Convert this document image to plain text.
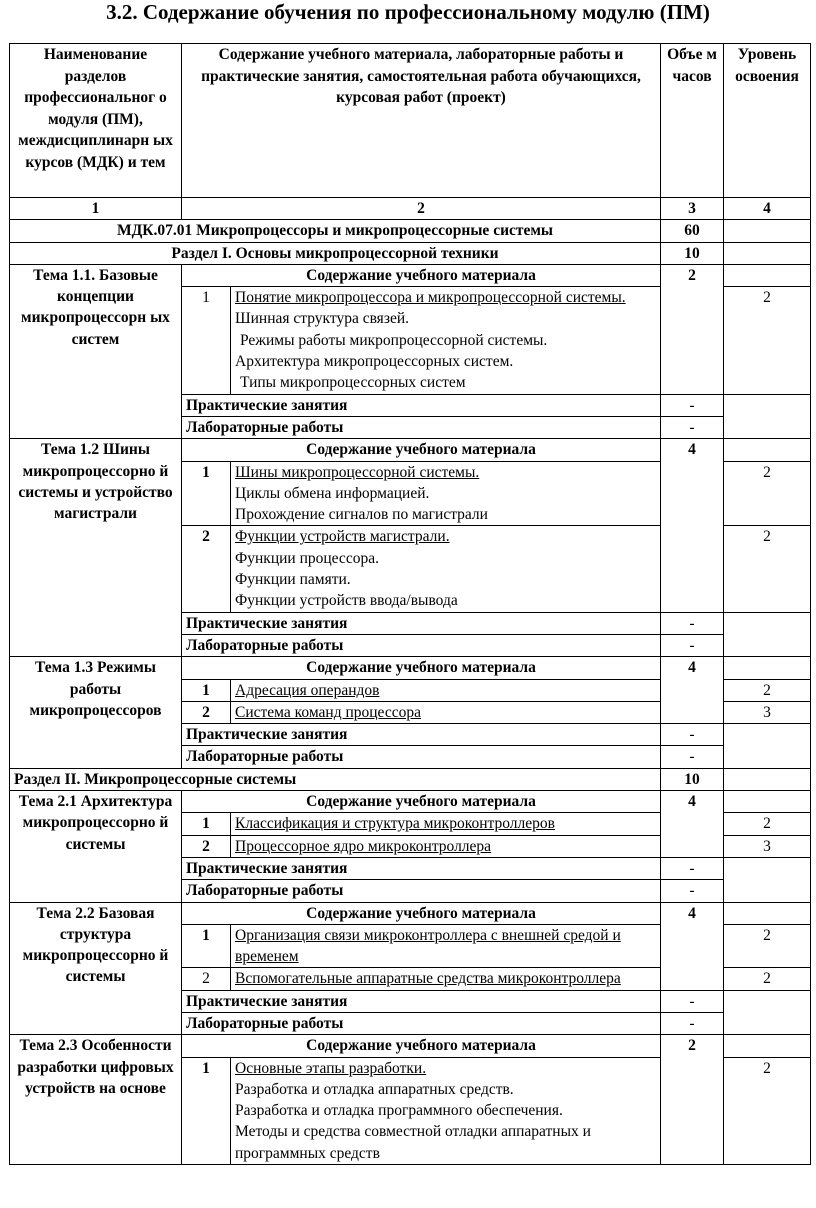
3.2. Содержание обучения по профессиональному модулю (ПМ)
Наименование разделов профессиональног о модуля (ПМ), междисциплинарн ых курсов (МДК) и тем	Содержание учебного материала, лабораторные работы и практические занятия, самостоятельная работа обучающихся, курсовая работ (проект)		Объе м часов	Уровень освоения
1	2		3	4
МДК.07.01 Микропроцессоры и микропроцессорные системы			60	
Раздел I. Основы микропроцессорной техники			10	
Тема 1.1. Базовые концепции микропроцессорн ых систем	Содержание учебного материала		2	
	1	Понятие микропроцессора и микропроцессорной системы.
Шинная структура связей.
Режимы работы микропроцессорной системы.
Архитектура микропроцессорных систем.
Типы микропроцессорных систем		2
	Практические занятия		-	
	Лабораторные работы		-	
Тема 1.2 Шины микропроцессорно й системы и устройство магистрали	Содержание учебного материала		4	
	1	Шины микропроцессорной системы.
Циклы обмена информацией.
Прохождение сигналов по магистрали		2
	2	Функции устройств магистрали.
Функции процессора.
Функции памяти.
Функции устройств ввода/вывода		2
	Практические занятия		-	
	Лабораторные работы		-	
Тема 1.3 Режимы работы микропроцессоров	Содержание учебного материала		4	
	1	Адресация операндов		2
	2	Система команд процессора		3
	Практические занятия		-	
	Лабораторные работы		-	
Раздел II. Микропроцессорные системы			10	
Тема 2.1 Архитектура микропроцессорно й системы	Содержание учебного материала		4	
	1	Классификация и структура микроконтроллеров		2
	2	Процессорное ядро микроконтроллера		3
	Практические занятия		-	
	Лабораторные работы		-	
Тема 2.2 Базовая структура микропроцессорно й системы	Содержание учебного материала		4	
	1	Организация связи микроконтроллера с внешней средой и временем		2
	2	Вспомогательные аппаратные средства микроконтроллера		2
	Практические занятия		-	
	Лабораторные работы		-	
Тема 2.3 Особенности разработки цифровых устройств на основе	Содержание учебного материала		2	
	1	Основные этапы разработки.
Разработка и отладка аппаратных средств.
Разработка и отладка программного обеспечения.
Методы и средства совместной отладки аппаратных и программных средств		2
